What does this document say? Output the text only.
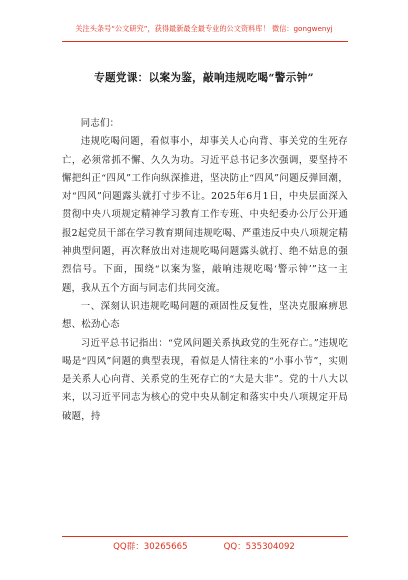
关注头条号“公文研究”，获得最新最全最专业的公文资料库！ 微信：gongwenyj
专题党课：以案为鉴，敲响违规吃喝“警示钟”

同志们：

违规吃喝问题，看似事小，却事关人心向背、事关党的生死存亡，必须常抓不懈、久久为功。习近平总书记多次强调，要坚持不懈把纠正“四风”工作向纵深推进，坚决防止“四风”问题反弹回潮，对“四风”问题露头就打寸步不让。2025年6月1日，中央层面深入贯彻中央八项规定精神学习教育工作专班、中央纪委办公厅公开通报2起党员干部在学习教育期间违规吃喝、严重违反中央八项规定精神典型问题，再次释放出对违规吃喝问题露头就打、绝不姑息的强烈信号。下面，围绕“以案为鉴，敲响违规吃喝‘警示钟’”这一主题，我从五个方面与同志们共同交流。

一、深刻认识违规吃喝问题的顽固性反复性，坚决克服麻痹思想、松劲心态

习近平总书记指出：“党风问题关系执政党的生死存亡。”违规吃喝是“四风”问题的典型表现，看似是人情往来的“小事小节”，实则是关系人心向背、关系党的生死存亡的“大是大非”。党的十八大以来，以习近平同志为核心的党中央从制定和落实中央八项规定开局破题，持

QQ群：30265665	QQ：535304092
